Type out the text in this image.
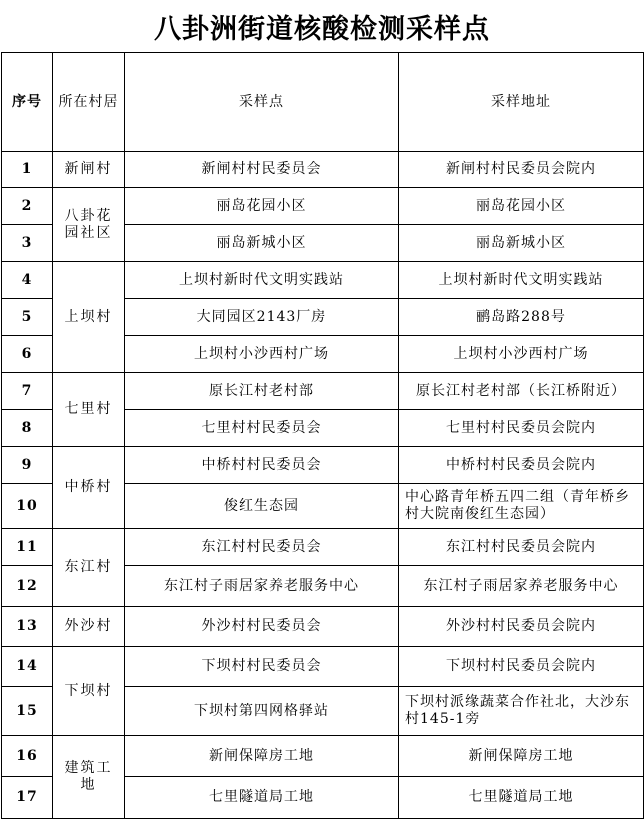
八卦洲街道核酸检测采样点
序号	所在村居	采样点	采样地址
1	新闸村	新闸村村民委员会	新闸村村民委员会院内
2	八卦花园社区	丽岛花园小区	丽岛花园小区
3		丽岛新城小区	丽岛新城小区
4	上坝村	上坝村新时代文明实践站	上坝村新时代文明实践站
5		大同园区2143厂房	鹂岛路288号
6		上坝村小沙西村广场	上坝村小沙西村广场
7	七里村	原长江村老村部	原长江村老村部（长江桥附近）
8		七里村村民委员会	七里村村民委员会院内
9	中桥村	中桥村村民委员会	中桥村村民委员会院内
10		俊红生态园	中心路青年桥五四二组（青年桥乡村大院南俊红生态园）
11	东江村	东江村村民委员会	东江村村民委员会院内
12		东江村子雨居家养老服务中心	东江村子雨居家养老服务中心
13	外沙村	外沙村村民委员会	外沙村村民委员会院内
14	下坝村	下坝村村民委员会	下坝村村民委员会院内
15		下坝村第四网格驿站	下坝村派缘蔬菜合作社北，大沙东村145-1旁
16	建筑工地	新闸保障房工地	新闸保障房工地
17		七里隧道局工地	七里隧道局工地
